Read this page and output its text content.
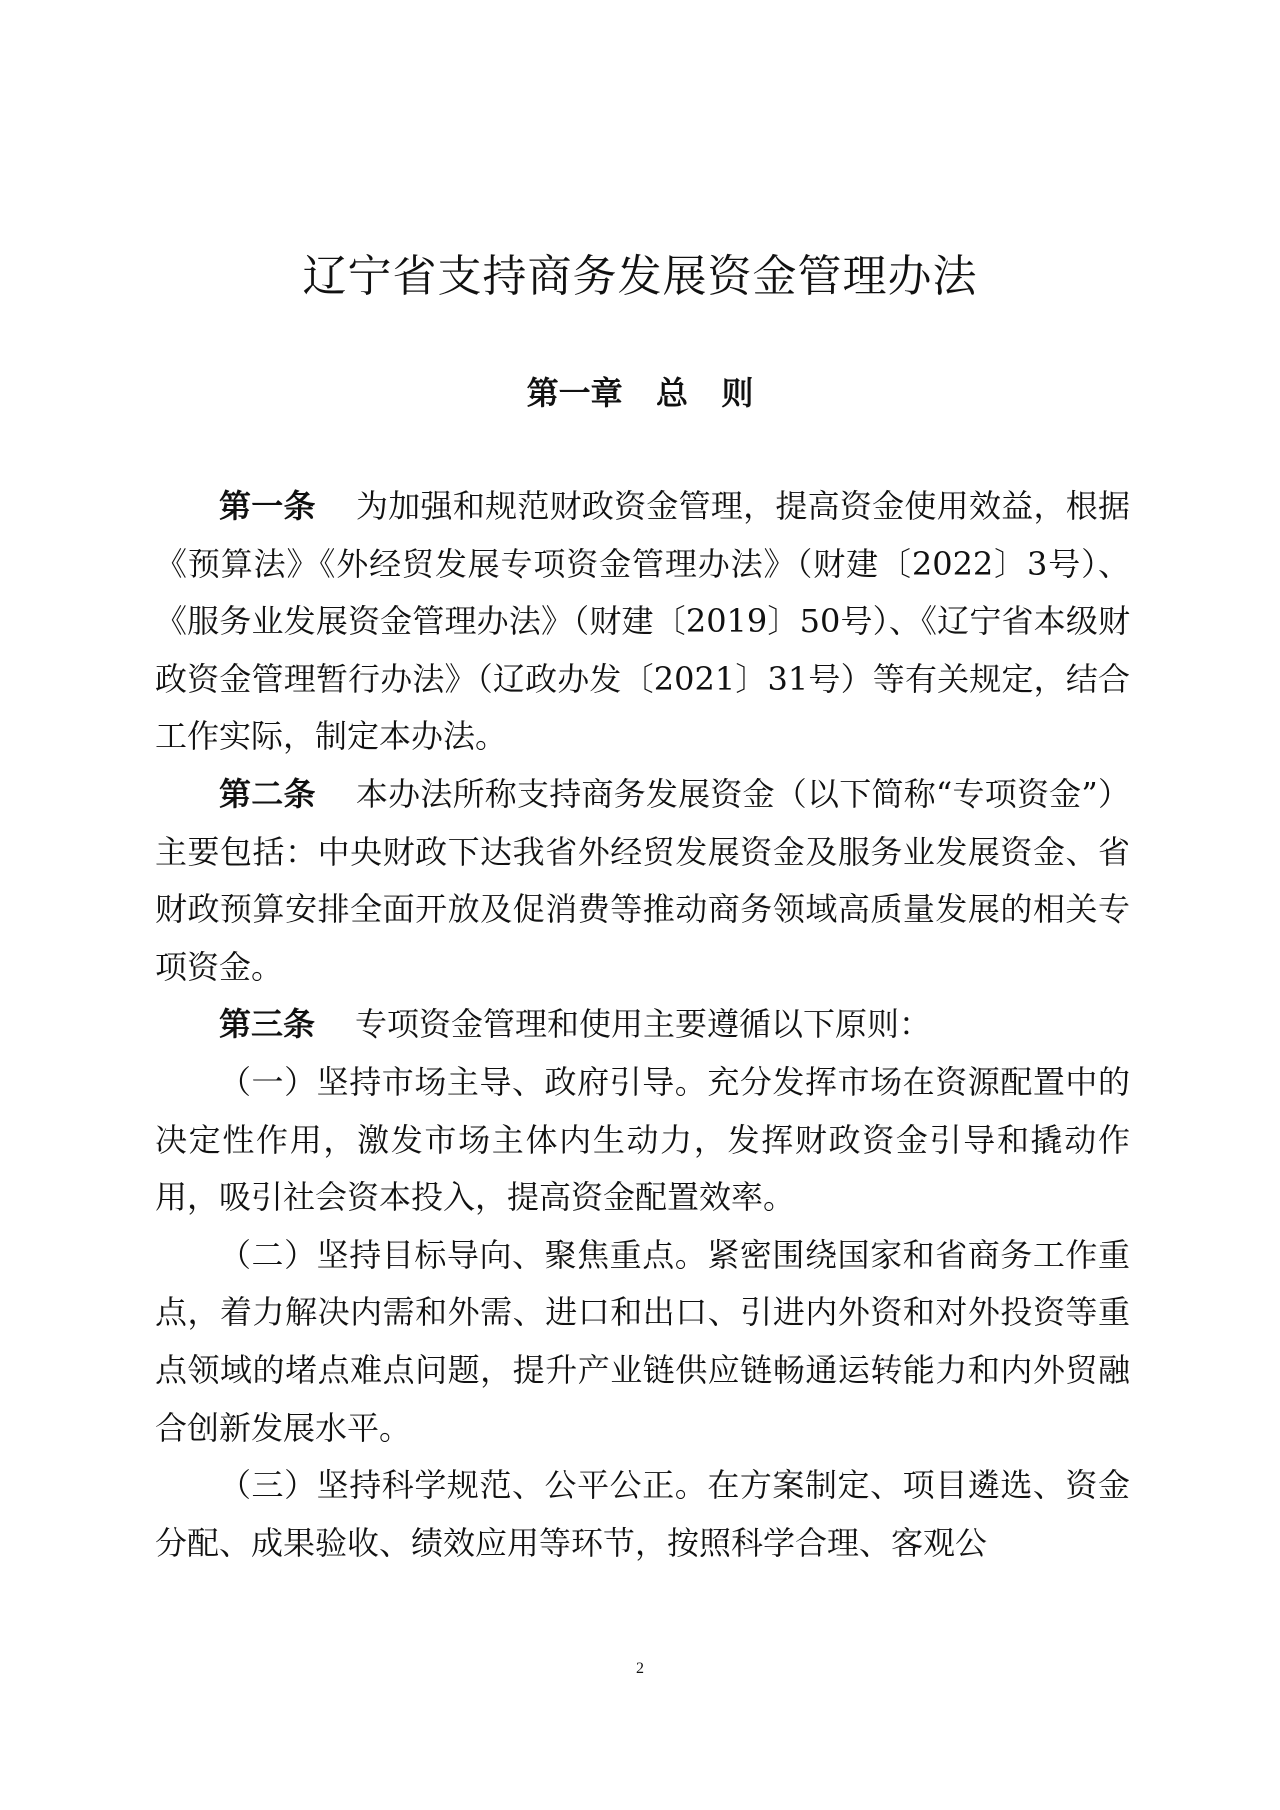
辽宁省支持商务发展资金管理办法
第一章   总   则

第一条 为加强和规范财政资金管理，提高资金使用效益，根据《预算法》《外经贸发展专项资金管理办法》（财建〔2022〕3号）、《服务业发展资金管理办法》（财建〔2019〕50号）、《辽宁省本级财政资金管理暂行办法》（辽政办发〔2021〕31号）等有关规定，结合工作实际，制定本办法。

第二条 本办法所称支持商务发展资金（以下简称“专项资金”）主要包括：中央财政下达我省外经贸发展资金及服务业发展资金、省财政预算安排全面开放及促消费等推动商务领域高质量发展的相关专项资金。

第三条 专项资金管理和使用主要遵循以下原则：

（一）坚持市场主导、政府引导。充分发挥市场在资源配置中的决定性作用，激发市场主体内生动力，发挥财政资金引导和撬动作用，吸引社会资本投入，提高资金配置效率。

（二）坚持目标导向、聚焦重点。紧密围绕国家和省商务工作重点，着力解决内需和外需、进口和出口、引进内外资和对外投资等重点领域的堵点难点问题，提升产业链供应链畅通运转能力和内外贸融合创新发展水平。

（三）坚持科学规范、公平公正。在方案制定、项目遴选、资金分配、成果验收、绩效应用等环节，按照科学合理、客观公

2
